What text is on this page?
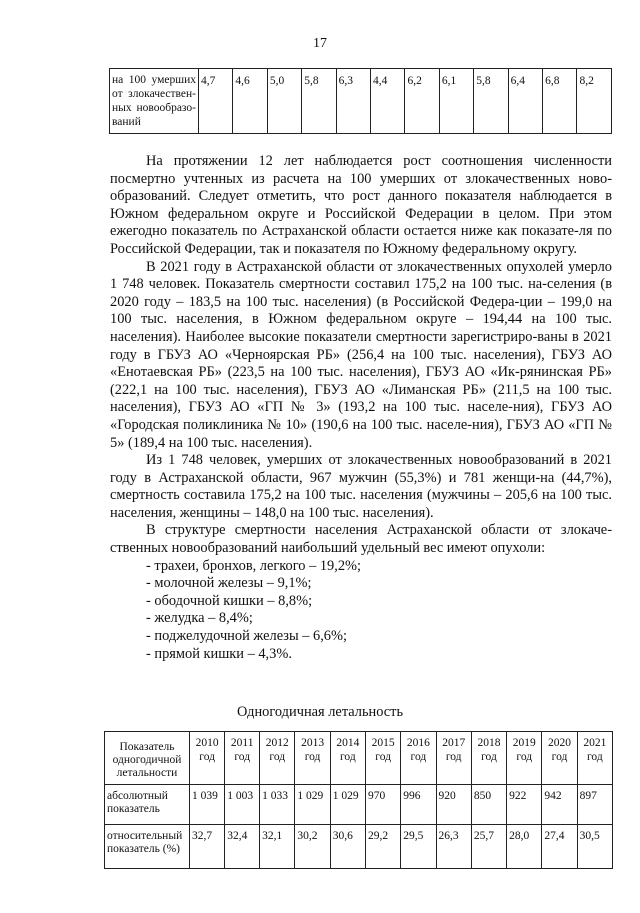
17
на 100 умерших от злокачествен-ных новообразо-ваний	4,7	4,6	5,0	5,8	6,3	4,4	6,2	6,1	5,8	6,4	6,8	8,2

На протяжении 12 лет наблюдается рост соотношения численности посмертно учтенных из расчета на 100 умерших от злокачественных ново-образований. Следует отметить, что рост данного показателя наблюдается в Южном федеральном округе и Российской Федерации в целом. При этом ежегодно показатель по Астраханской области остается ниже как показате-ля по Российской Федерации, так и показателя по Южному федеральному округу.

В 2021 году в Астраханской области от злокачественных опухолей умерло 1 748 человек. Показатель смертности составил 175,2 на 100 тыс. на-селения (в 2020 году – 183,5 на 100 тыс. населения) (в Российской Федера-ции – 199,0 на 100 тыс. населения, в Южном федеральном округе – 194,44 на 100 тыс. населения). Наиболее высокие показатели смертности зарегистриро-ваны в 2021 году в ГБУЗ АО «Черноярская РБ» (256,4 на 100 тыс. населения), ГБУЗ АО «Енотаевская РБ» (223,5 на 100 тыс. населения), ГБУЗ АО «Ик-рянинская РБ» (222,1 на 100 тыс. населения), ГБУЗ АО «Лиманская РБ» (211,5 на 100 тыс. населения), ГБУЗ АО «ГП № 3» (193,2 на 100 тыс. населе-ния), ГБУЗ АО «Городская поликлиника № 10» (190,6 на 100 тыс. населе-ния), ГБУЗ АО «ГП № 5» (189,4 на 100 тыс. населения).

Из 1 748 человек, умерших от злокачественных новообразований в 2021 году в Астраханской области, 967 мужчин (55,3%) и 781 женщи-на (44,7%), смертность составила 175,2 на 100 тыс. населения (мужчины – 205,6 на 100 тыс. населения, женщины – 148,0 на 100 тыс. населения).

В структуре смертности населения Астраханской области от злокаче-ственных новообразований наибольший удельный вес имеют опухоли:

- трахеи, бронхов, легкого – 19,2%;
- молочной железы – 9,1%;
- ободочной кишки – 8,8%;
- желудка – 8,4%;
- поджелудочной железы – 6,6%;
- прямой кишки – 4,3%.
Одногодичная летальность
Показатель одногодичной летальности	2010 год	2011 год	2012 год	2013 год	2014 год	2015 год	2016 год	2017 год	2018 год	2019 год	2020 год	2021 год
абсолютный показатель	1 039	1 003	1 033	1 029	1 029	970	996	920	850	922	942	897
относительный показатель (%)	32,7	32,4	32,1	30,2	30,6	29,2	29,5	26,3	25,7	28,0	27,4	30,5
